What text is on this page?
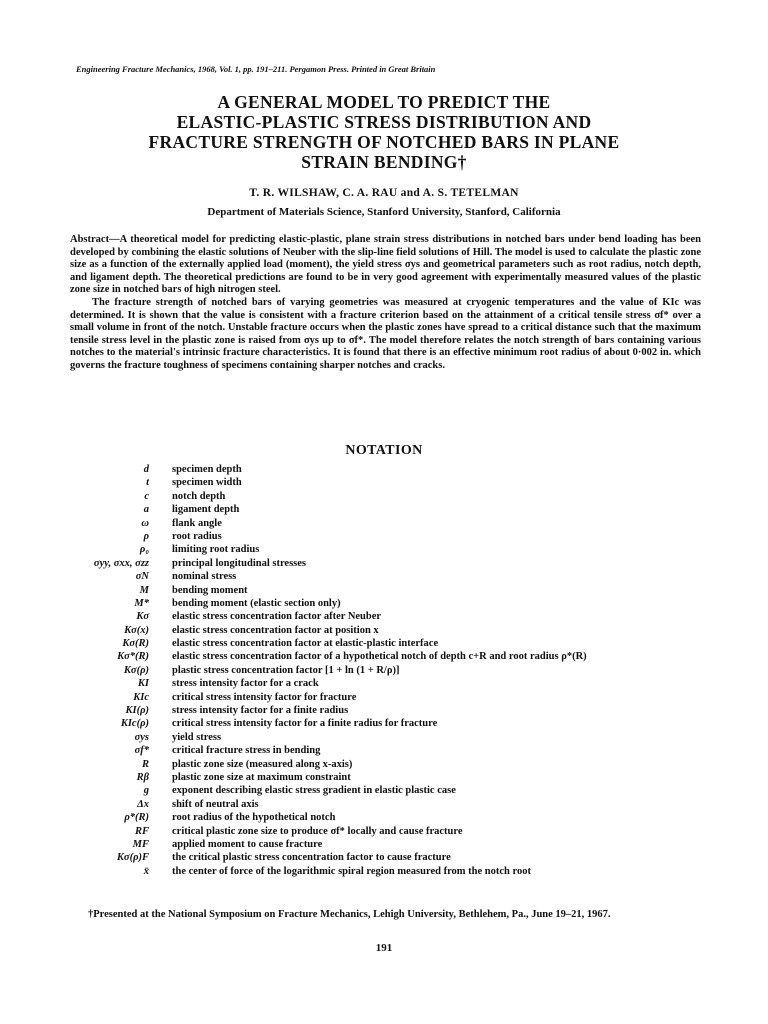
Engineering Fracture Mechanics, 1968, Vol. 1, pp. 191–211. Pergamon Press. Printed in Great Britain
A GENERAL MODEL TO PREDICT THE
ELASTIC-PLASTIC STRESS DISTRIBUTION AND
FRACTURE STRENGTH OF NOTCHED BARS IN PLANE
STRAIN BENDING†
T. R. WILSHAW, C. A. RAU and A. S. TETELMAN
Department of Materials Science, Stanford University, Stanford, California

Abstract—A theoretical model for predicting elastic-plastic, plane strain stress distributions in notched bars under bend loading has been developed by combining the elastic solutions of Neuber with the slip-line field solutions of Hill. The model is used to calculate the plastic zone size as a function of the externally applied load (moment), the yield stress σys and geometrical parameters such as root radius, notch depth, and ligament depth. The theoretical predictions are found to be in very good agreement with experimentally measured values of the plastic zone size in notched bars of high nitrogen steel.

The fracture strength of notched bars of varying geometries was measured at cryogenic temperatures and the value of KIc was determined. It is shown that the value is consistent with a fracture criterion based on the attainment of a critical tensile stress σf* over a small volume in front of the notch. Unstable fracture occurs when the plastic zones have spread to a critical distance such that the maximum tensile stress level in the plastic zone is raised from σys up to σf*. The model therefore relates the notch strength of bars containing various notches to the material's intrinsic fracture characteristics. It is found that there is an effective minimum root radius of about 0·002 in. which governs the fracture toughness of specimens containing sharper notches and cracks.

NOTATION
d	specimen depth
t	specimen width
c	notch depth
a	ligament depth
ω	flank angle
ρ	root radius
ρ₀	limiting root radius
σyy, σxx, σzz	principal longitudinal stresses
σN	nominal stress
M	bending moment
M*	bending moment (elastic section only)
Kσ	elastic stress concentration factor after Neuber
Kσ(x)	elastic stress concentration factor at position x
Kσ(R)	elastic stress concentration factor at elastic-plastic interface
Kσ*(R)	elastic stress concentration factor of a hypothetical notch of depth c+R and root radius ρ*(R)
Kσ(ρ)	plastic stress concentration factor [1 + ln (1 + R/ρ)]
KI	stress intensity factor for a crack
KIc	critical stress intensity factor for fracture
KI(ρ)	stress intensity factor for a finite radius
KIc(ρ)	critical stress intensity factor for a finite radius for fracture
σys	yield stress
σf*	critical fracture stress in bending
R	plastic zone size (measured along x-axis)
Rβ	plastic zone size at maximum constraint
g	exponent describing elastic stress gradient in elastic plastic case
Δx	shift of neutral axis
ρ*(R)	root radius of the hypothetical notch
RF	critical plastic zone size to produce σf* locally and cause fracture
MF	applied moment to cause fracture
Kσ(ρ)F	the critical plastic stress concentration factor to cause fracture
x̄	the center of force of the logarithmic spiral region measured from the notch root
†Presented at the National Symposium on Fracture Mechanics, Lehigh University, Bethlehem, Pa., June 19–21, 1967.
191
